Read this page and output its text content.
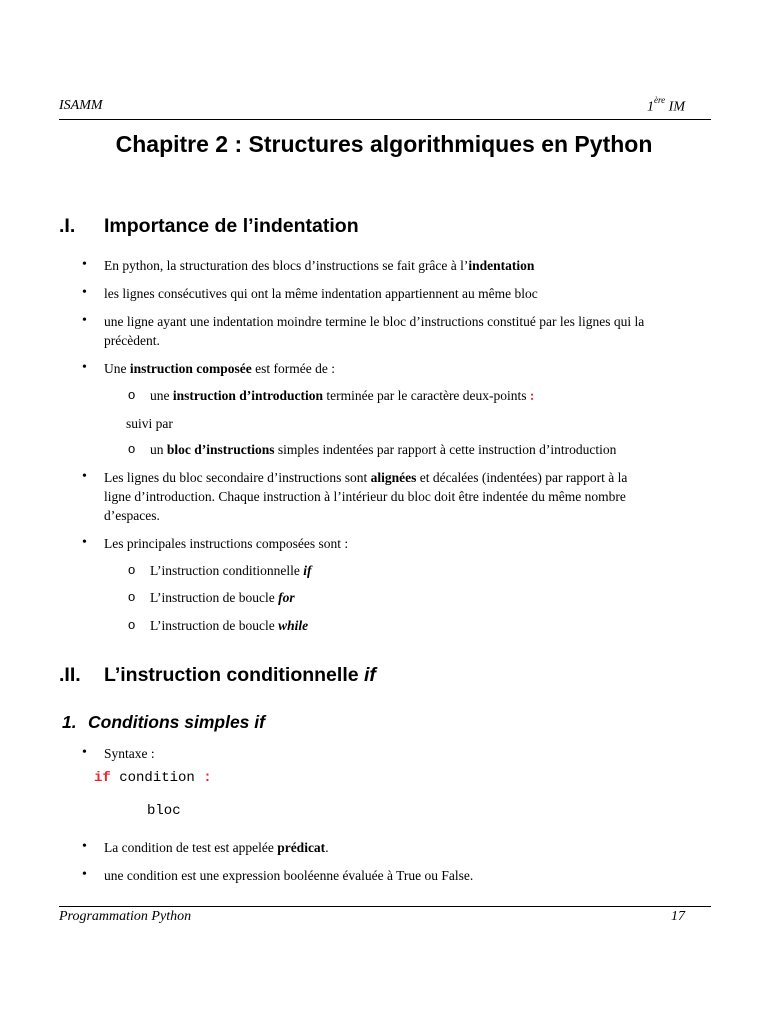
ISAMM	1ère IM
Chapitre 2 : Structures algorithmiques en Python
.I. Importance de l’indentation
• En python, la structuration des blocs d’instructions se fait grâce à l’indentation
• les lignes consécutives qui ont la même indentation appartiennent au même bloc
• une ligne ayant une indentation moindre termine le bloc d’instructions constitué par les lignes qui la
précèdent.
• Une instruction composée est formée de :
o une instruction d’introduction terminée par le caractère deux-points :
suivi par
o un bloc d’instructions simples indentées par rapport à cette instruction d’introduction
• Les lignes du bloc secondaire d’instructions sont alignées et décalées (indentées) par rapport à la
ligne d’introduction. Chaque instruction à l’intérieur du bloc doit être indentée du même nombre
d’espaces.
• Les principales instructions composées sont :
o L’instruction conditionnelle if
o L’instruction de boucle for
o L’instruction de boucle while
.II. L’instruction conditionnelle if
1. Conditions simples if
• Syntaxe :
if condition :
bloc
• La condition de test est appelée prédicat.
• une condition est une expression booléenne évaluée à True ou False.
Programmation Python	17
